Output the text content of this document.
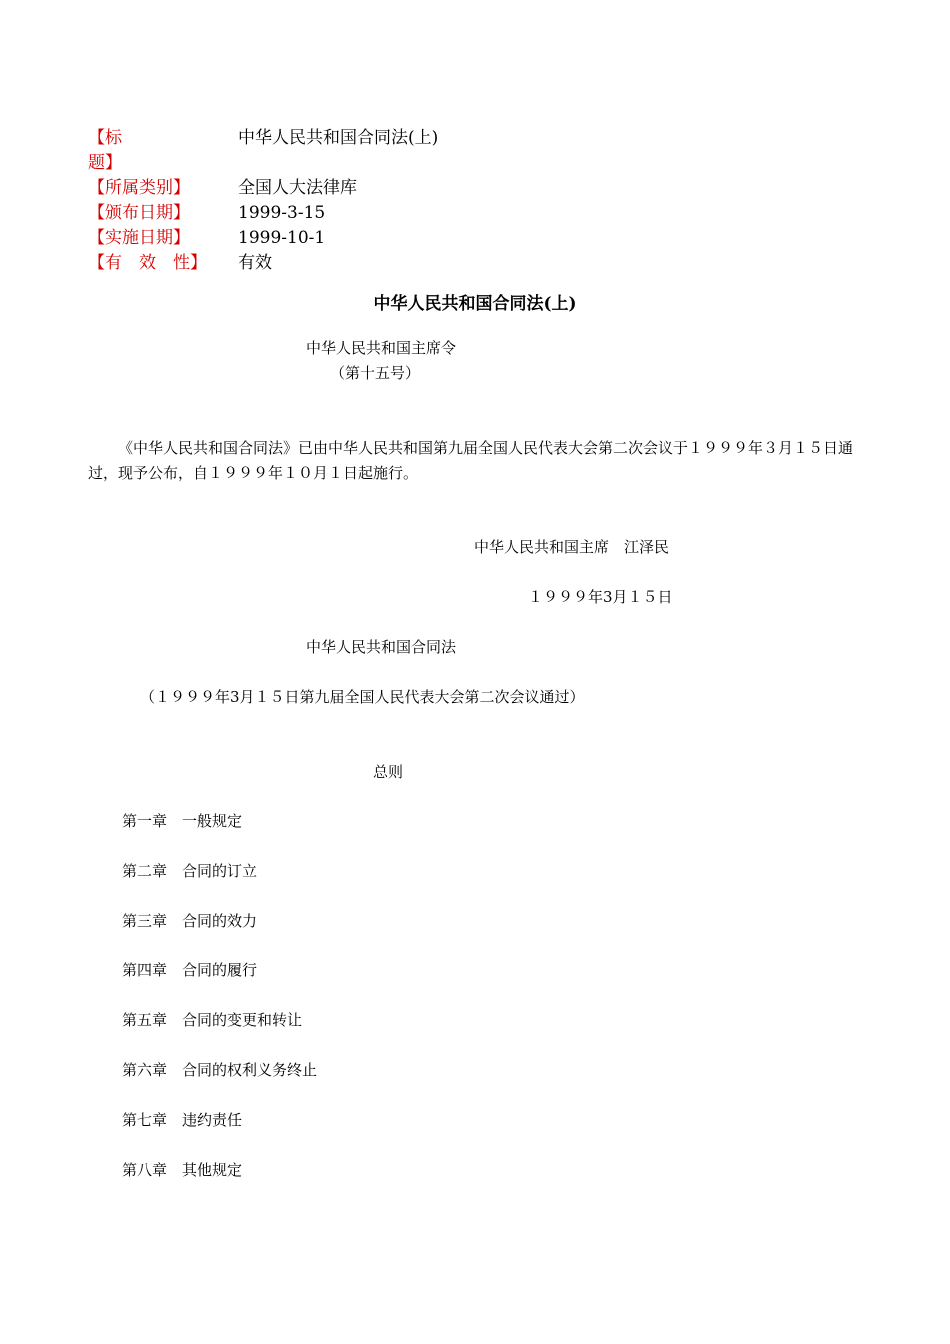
【标
题】
中华人民共和国合同法(上)
【所属类别】	全国人大法律库
【颁布日期】	1999-3-15
【实施日期】	1999-10-1
【有　效　性】 有效
中华人民共和国合同法(上)
中华人民共和国主席令
（第十五号）
《中华人民共和国合同法》已由中华人民共和国第九届全国人民代表大会第二次会议于１９９９年３月１５日通过，现予公布，自１９９９年１０月１日起施行。
中华人民共和国主席　江泽民
１９９９年3月１５日
中华人民共和国合同法
（１９９９年3月１５日第九届全国人民代表大会第二次会议通过）
总则
第一章　一般规定
第二章　合同的订立
第三章　合同的效力
第四章　合同的履行
第五章　合同的变更和转让
第六章　合同的权利义务终止
第七章　违约责任
第八章　其他规定
